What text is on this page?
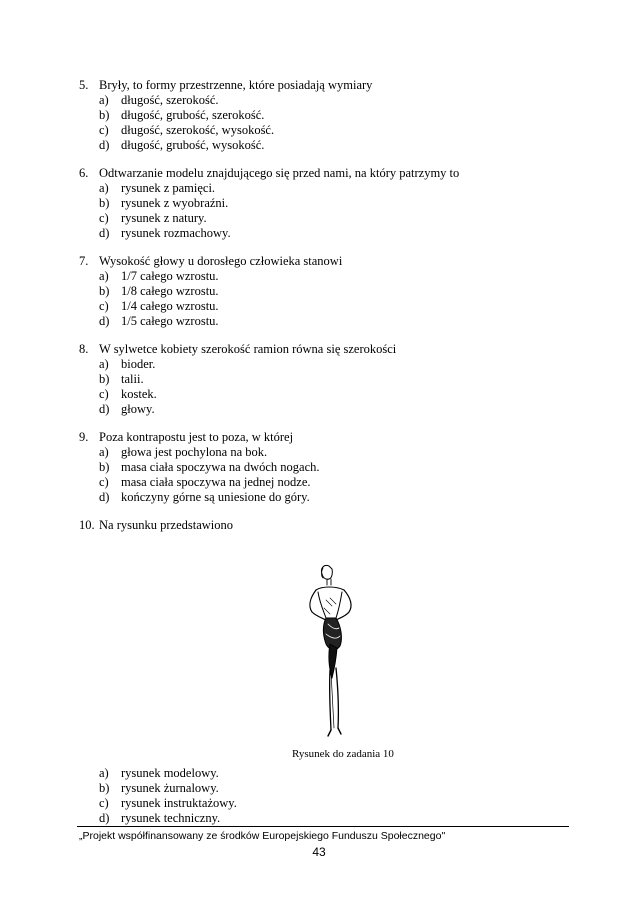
5. Bryły, to formy przestrzenne, które posiadają wymiary
a) długość, szerokość.
b) długość, grubość, szerokość.
c) długość, szerokość, wysokość.
d) długość, grubość, wysokość.
6. Odtwarzanie modelu znajdującego się przed nami, na który patrzymy to
a) rysunek z pamięci.
b) rysunek z wyobraźni.
c) rysunek z natury.
d) rysunek rozmachowy.
7. Wysokość głowy u dorosłego człowieka stanowi
a) 1/7 całego wzrostu.
b) 1/8 całego wzrostu.
c) 1/4 całego wzrostu.
d) 1/5 całego wzrostu.
8. W sylwetce kobiety szerokość ramion równa się szerokości
a) bioder.
b) talii.
c) kostek.
d) głowy.
9. Poza kontrapostu jest to poza, w której
a) głowa jest pochylona na bok.
b) masa ciała spoczywa na dwóch nogach.
c) masa ciała spoczywa na jednej nodze.
d) kończyny górne są uniesione do góry.
10. Na rysunku przedstawiono
Rysunek do zadania 10
a) rysunek modelowy.
b) rysunek żurnalowy.
c) rysunek instruktażowy.
d) rysunek techniczny.
„Projekt współfinansowany ze środków Europejskiego Funduszu Społecznego"
43
